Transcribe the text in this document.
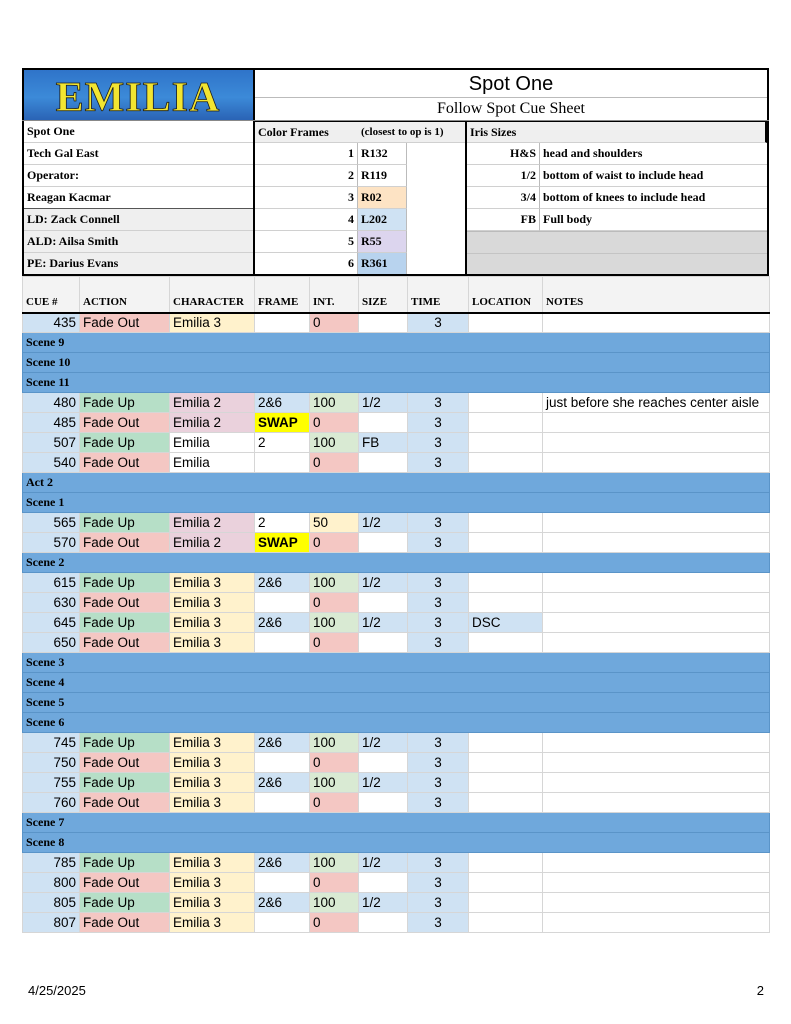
EMILIA	Spot One
Follow Spot Cue Sheet
Spot One
Tech Gal East
Operator:
Reagan Kacmar
LD: Zack Connell
ALD: Ailsa Smith
PE: Darius Evans
Color Frames	(closest to op is 1)
1 R132
2 R119
3 R02
4 L202
5 R55
6 R361
Iris Sizes
H&S head and shoulders
1/2 bottom of waist to include head
3/4 bottom of knees to include head
FB Full body
CUE #	ACTION	CHARACTER	FRAME	INT.	SIZE	TIME	LOCATION	NOTES
435	Fade Out	Emilia 3		0		3		
Scene 9								
Scene 10								
Scene 11								
480	Fade Up	Emilia 2	2&6	100	1/2	3		just before she reaches center aisle
485	Fade Out	Emilia 2	SWAP	0		3		
507	Fade Up	Emilia	2	100	FB	3		
540	Fade Out	Emilia		0		3		
Act 2								
Scene 1								
565	Fade Up	Emilia 2	2	50	1/2	3		
570	Fade Out	Emilia 2	SWAP	0		3		
Scene 2								
615	Fade Up	Emilia 3	2&6	100	1/2	3		
630	Fade Out	Emilia 3		0		3		
645	Fade Up	Emilia 3	2&6	100	1/2	3	DSC	
650	Fade Out	Emilia 3		0		3		
Scene 3								
Scene 4								
Scene 5								
Scene 6								
745	Fade Up	Emilia 3	2&6	100	1/2	3		
750	Fade Out	Emilia 3		0		3		
755	Fade Up	Emilia 3	2&6	100	1/2	3		
760	Fade Out	Emilia 3		0		3		
Scene 7								
Scene 8								
785	Fade Up	Emilia 3	2&6	100	1/2	3		
800	Fade Out	Emilia 3		0		3		
805	Fade Up	Emilia 3	2&6	100	1/2	3		
807	Fade Out	Emilia 3		0		3		
4/25/2025	2
